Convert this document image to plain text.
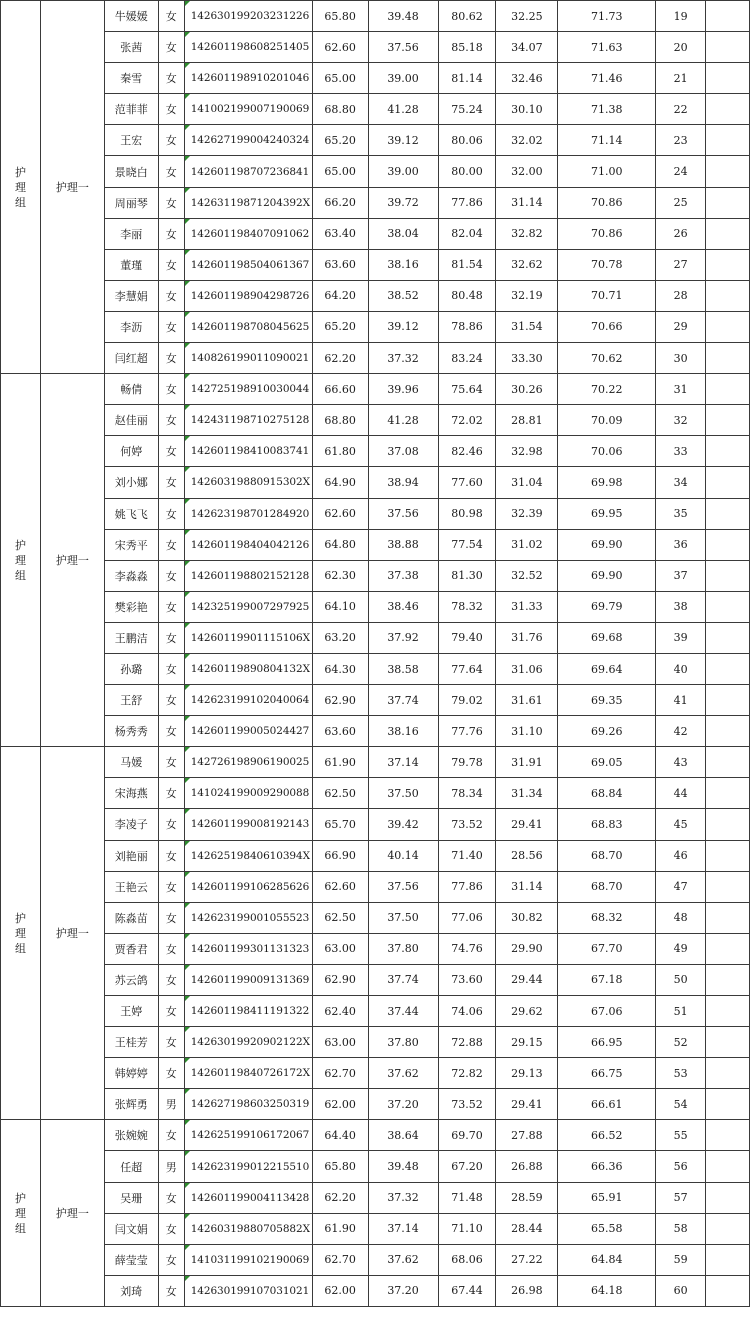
护理组	护理一	牛媛媛	女	142630199203231226	65.80	39.48	80.62	32.25	71.73	19	
		张茜	女	142601198608251405	62.60	37.56	85.18	34.07	71.63	20	
		秦雪	女	142601198910201046	65.00	39.00	81.14	32.46	71.46	21	
		范菲菲	女	141002199007190069	68.80	41.28	75.24	30.10	71.38	22	
		王宏	女	142627199004240324	65.20	39.12	80.06	32.02	71.14	23	
		景晓白	女	142601198707236841	65.00	39.00	80.00	32.00	71.00	24	
		周丽琴	女	14263119871204392X	66.20	39.72	77.86	31.14	70.86	25	
		李丽	女	142601198407091062	63.40	38.04	82.04	32.82	70.86	26	
		董瑾	女	142601198504061367	63.60	38.16	81.54	32.62	70.78	27	
		李慧娟	女	142601198904298726	64.20	38.52	80.48	32.19	70.71	28	
		李沥	女	142601198708045625	65.20	39.12	78.86	31.54	70.66	29	
		闫红超	女	140826199011090021	62.20	37.32	83.24	33.30	70.62	30	
护理组	护理一	畅倩	女	142725198910030044	66.60	39.96	75.64	30.26	70.22	31	
		赵佳丽	女	142431198710275128	68.80	41.28	72.02	28.81	70.09	32	
		何婷	女	142601198410083741	61.80	37.08	82.46	32.98	70.06	33	
		刘小娜	女	14260319880915302X	64.90	38.94	77.60	31.04	69.98	34	
		姚飞飞	女	142623198701284920	62.60	37.56	80.98	32.39	69.95	35	
		宋秀平	女	142601198404042126	64.80	38.88	77.54	31.02	69.90	36	
		李淼淼	女	142601198802152128	62.30	37.38	81.30	32.52	69.90	37	
		樊彩艳	女	142325199007297925	64.10	38.46	78.32	31.33	69.79	38	
		王鹏洁	女	14260119901115106X	63.20	37.92	79.40	31.76	69.68	39	
		孙璐	女	14260119890804132X	64.30	38.58	77.64	31.06	69.64	40	
		王舒	女	142623199102040064	62.90	37.74	79.02	31.61	69.35	41	
		杨秀秀	女	142601199005024427	63.60	38.16	77.76	31.10	69.26	42	
护理组	护理一	马媛	女	142726198906190025	61.90	37.14	79.78	31.91	69.05	43	
		宋海燕	女	141024199009290088	62.50	37.50	78.34	31.34	68.84	44	
		李凌子	女	142601199008192143	65.70	39.42	73.52	29.41	68.83	45	
		刘艳丽	女	14262519840610394X	66.90	40.14	71.40	28.56	68.70	46	
		王艳云	女	142601199106285626	62.60	37.56	77.86	31.14	68.70	47	
		陈淼苗	女	142623199001055523	62.50	37.50	77.06	30.82	68.32	48	
		贾香君	女	142601199301131323	63.00	37.80	74.76	29.90	67.70	49	
		苏云鸽	女	142601199009131369	62.90	37.74	73.60	29.44	67.18	50	
		王婷	女	142601198411191322	62.40	37.44	74.06	29.62	67.06	51	
		王桂芳	女	14263019920902122X	63.00	37.80	72.88	29.15	66.95	52	
		韩婷婷	女	14260119840726172X	62.70	37.62	72.82	29.13	66.75	53	
		张辉勇	男	142627198603250319	62.00	37.20	73.52	29.41	66.61	54	
护理组	护理一	张婉婉	女	142625199106172067	64.40	38.64	69.70	27.88	66.52	55	
		任超	男	142623199012215510	65.80	39.48	67.20	26.88	66.36	56	
		吴珊	女	142601199004113428	62.20	37.32	71.48	28.59	65.91	57	
		闫文娟	女	14260319880705882X	61.90	37.14	71.10	28.44	65.58	58	
		薛莹莹	女	141031199102190069	62.70	37.62	68.06	27.22	64.84	59	
		刘琦	女	142630199107031021	62.00	37.20	67.44	26.98	64.18	60	
